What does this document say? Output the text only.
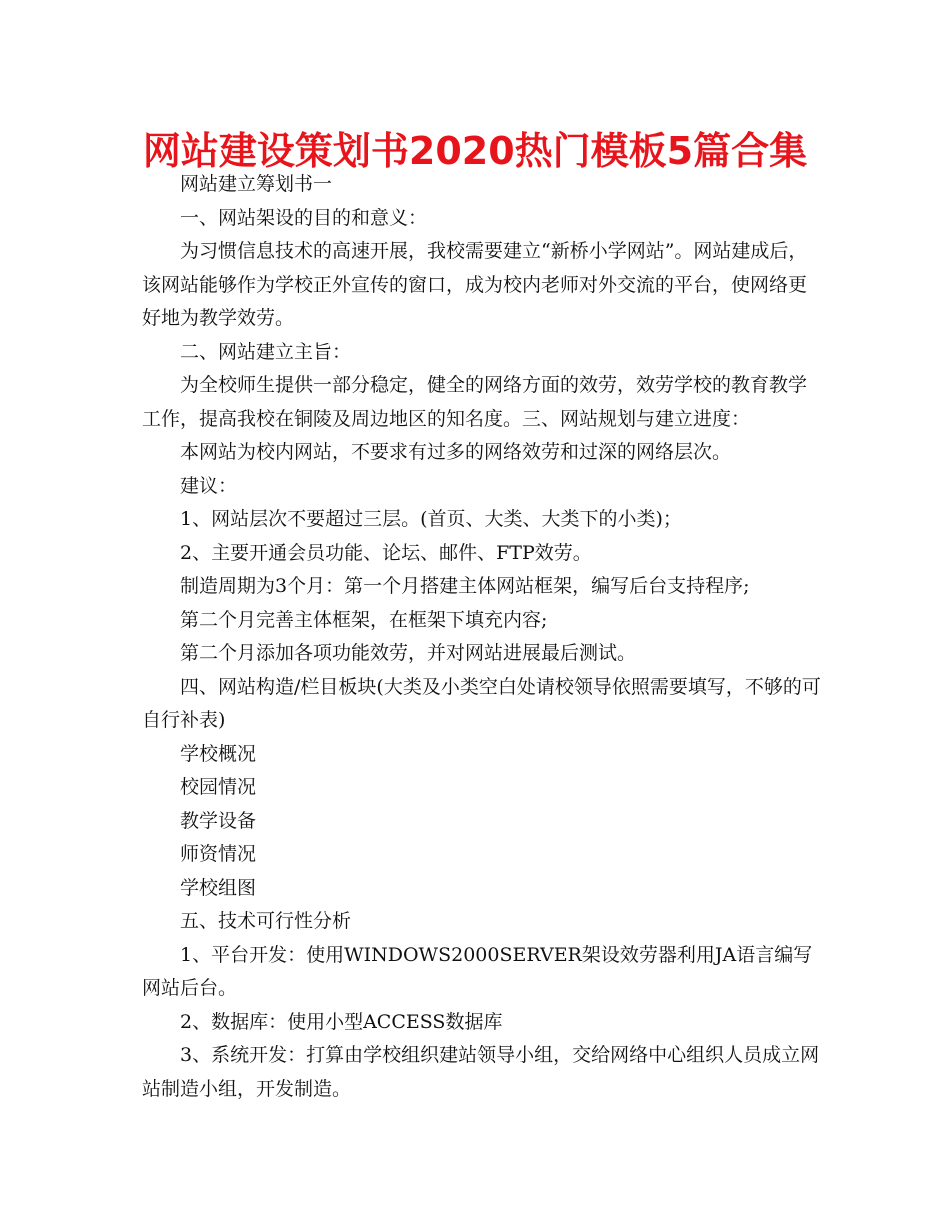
网站建设策划书2020热门模板5篇合集

网站建立筹划书一

一、网站架设的目的和意义：

为习惯信息技术的高速开展，我校需要建立“新桥小学网站”。网站建成后，该网站能够作为学校正外宣传的窗口，成为校内老师对外交流的平台，使网络更好地为教学效劳。

二、网站建立主旨：

为全校师生提供一部分稳定，健全的网络方面的效劳，效劳学校的教育教学工作，提高我校在铜陵及周边地区的知名度。三、网站规划与建立进度：

本网站为校内网站，不要求有过多的网络效劳和过深的网络层次。

建议：

1、网站层次不要超过三层。(首页、大类、大类下的小类)；

2、主要开通会员功能、论坛、邮件、FTP效劳。

制造周期为3个月：第一个月搭建主体网站框架，编写后台支持程序;

第二个月完善主体框架，在框架下填充内容;

第二个月添加各项功能效劳，并对网站进展最后测试。

四、网站构造/栏目板块(大类及小类空白处请校领导依照需要填写，不够的可自行补表)

学校概况

校园情况

教学设备

师资情况

学校组图

五、技术可行性分析

1、平台开发：使用WINDOWS2000SERVER架设效劳器利用JA语言编写网站后台。

2、数据库：使用小型ACCESS数据库

3、系统开发：打算由学校组织建站领导小组，交给网络中心组织人员成立网站制造小组，开发制造。
